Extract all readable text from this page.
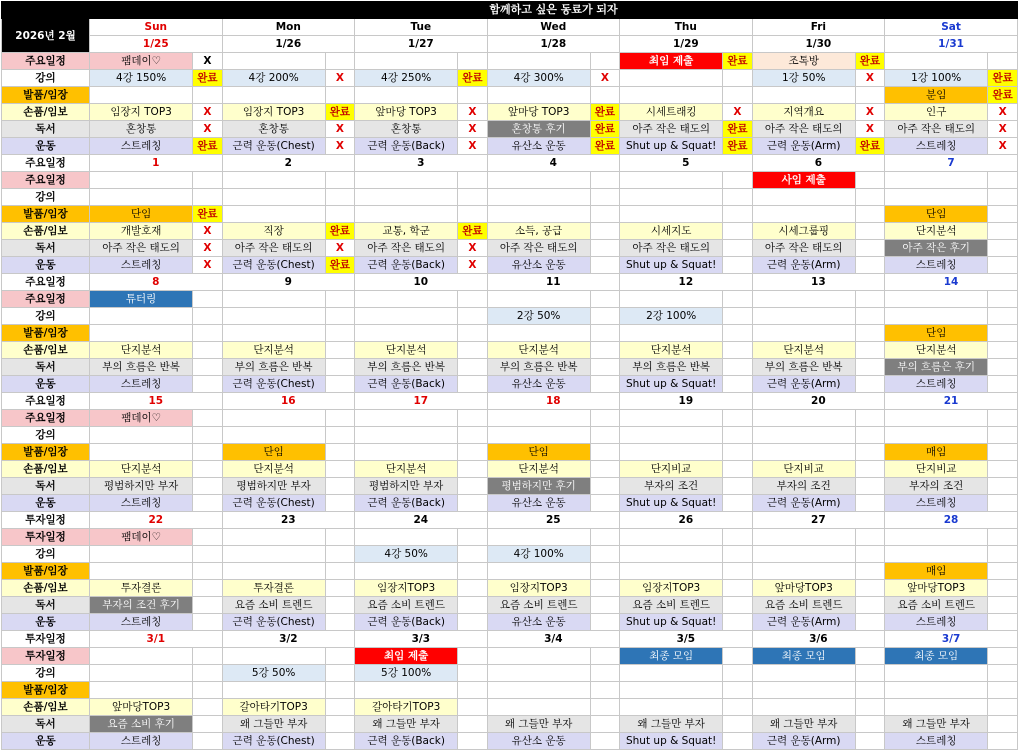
	함께하고 싶은 동료가 되자													
2026년 2월	Sun		Mon		Tue		Wed		Thu		Fri		Sat	
	1/25		1/26		1/27		1/28		1/29		1/30		1/31	
주요일정	팸데이♡	X							최임 제출	완료	조톡방	완료		
강의	4강 150%	완료	4강 200%	X	4강 250%	완료	4강 300%	X			1강 50%	X	1강 100%	완료
발품/임장													분임	완료
손품/임보	임장지 TOP3	X	임장지 TOP3	완료	앞마당 TOP3	X	앞마당 TOP3	완료	시세트래킹	X	지역개요	X	인구	X
독서	혼창통	X	혼창통	X	혼창통	X	혼창통 후기	완료	아주 작은 태도의	완료	아주 작은 태도의	X	아주 작은 태도의	X
운동	스트레칭	완료	근력 운동(Chest)	X	근력 운동(Back)	X	유산소 운동	완료	Shut up & Squat!	완료	근력 운동(Arm)	완료	스트레칭	X
주요일정	1		2		3		4		5		6		7	
주요일정											사임 제출			
강의														
발품/임장	단임	완료											단임	
손품/임보	개발호재	X	직장	완료	교통, 학군	완료	소득, 공급		시세지도		시세그룹핑		단지분석	
독서	아주 작은 태도의	X	아주 작은 태도의	X	아주 작은 태도의	X	아주 작은 태도의		아주 작은 태도의		아주 작은 태도의		아주 작은 후기	
운동	스트레칭	X	근력 운동(Chest)	완료	근력 운동(Back)	X	유산소 운동		Shut up & Squat!		근력 운동(Arm)		스트레칭	
주요일정	8		9		10		11		12		13		14	
주요일정	튜터링													
강의							2강 50%		2강 100%					
발품/임장													단임	
손품/임보	단지분석		단지분석		단지분석		단지분석		단지분석		단지분석		단지분석	
독서	부의 흐름은 반복		부의 흐름은 반복		부의 흐름은 반복		부의 흐름은 반복		부의 흐름은 반복		부의 흐름은 반복		부의 흐름은 후기	
운동	스트레칭		근력 운동(Chest)		근력 운동(Back)		유산소 운동		Shut up & Squat!		근력 운동(Arm)		스트레칭	
주요일정	15		16		17		18		19		20		21	
주요일정	팸데이♡													
강의														
발품/임장			단임				단임						매임	
손품/임보	단지분석		단지분석		단지분석		단지분석		단지비교		단지비교		단지비교	
독서	평범하지만 부자		평범하지만 부자		평범하지만 부자		평범하지만 후기		부자의 조건		부자의 조건		부자의 조건	
운동	스트레칭		근력 운동(Chest)		근력 운동(Back)		유산소 운동		Shut up & Squat!		근력 운동(Arm)		스트레칭	
투자일정	22		23		24		25		26		27		28	
투자일정	팸데이♡													
강의					4강 50%		4강 100%							
발품/임장													매임	
손품/임보	투자결론		투자결론		임장지TOP3		임장지TOP3		임장지TOP3		앞마당TOP3		앞마당TOP3	
독서	부자의 조건 후기		요즘 소비 트렌드		요즘 소비 트렌드		요즘 소비 트렌드		요즘 소비 트렌드		요즘 소비 트렌드		요즘 소비 트렌드	
운동	스트레칭		근력 운동(Chest)		근력 운동(Back)		유산소 운동		Shut up & Squat!		근력 운동(Arm)		스트레칭	
투자일정	3/1		3/2		3/3		3/4		3/5		3/6		3/7	
투자일정					최임 제출				최종 모임		최종 모임		최종 모임	
강의			5강 50%		5강 100%									
발품/임장														
손품/임보	앞마당TOP3		갈아타기TOP3		갈아타기TOP3									
독서	요즘 소비 후기		왜 그들만 부자		왜 그들만 부자		왜 그들만 부자		왜 그들만 부자		왜 그들만 부자		왜 그들만 부자	
운동	스트레칭		근력 운동(Chest)		근력 운동(Back)		유산소 운동		Shut up & Squat!		근력 운동(Arm)		스트레칭	
